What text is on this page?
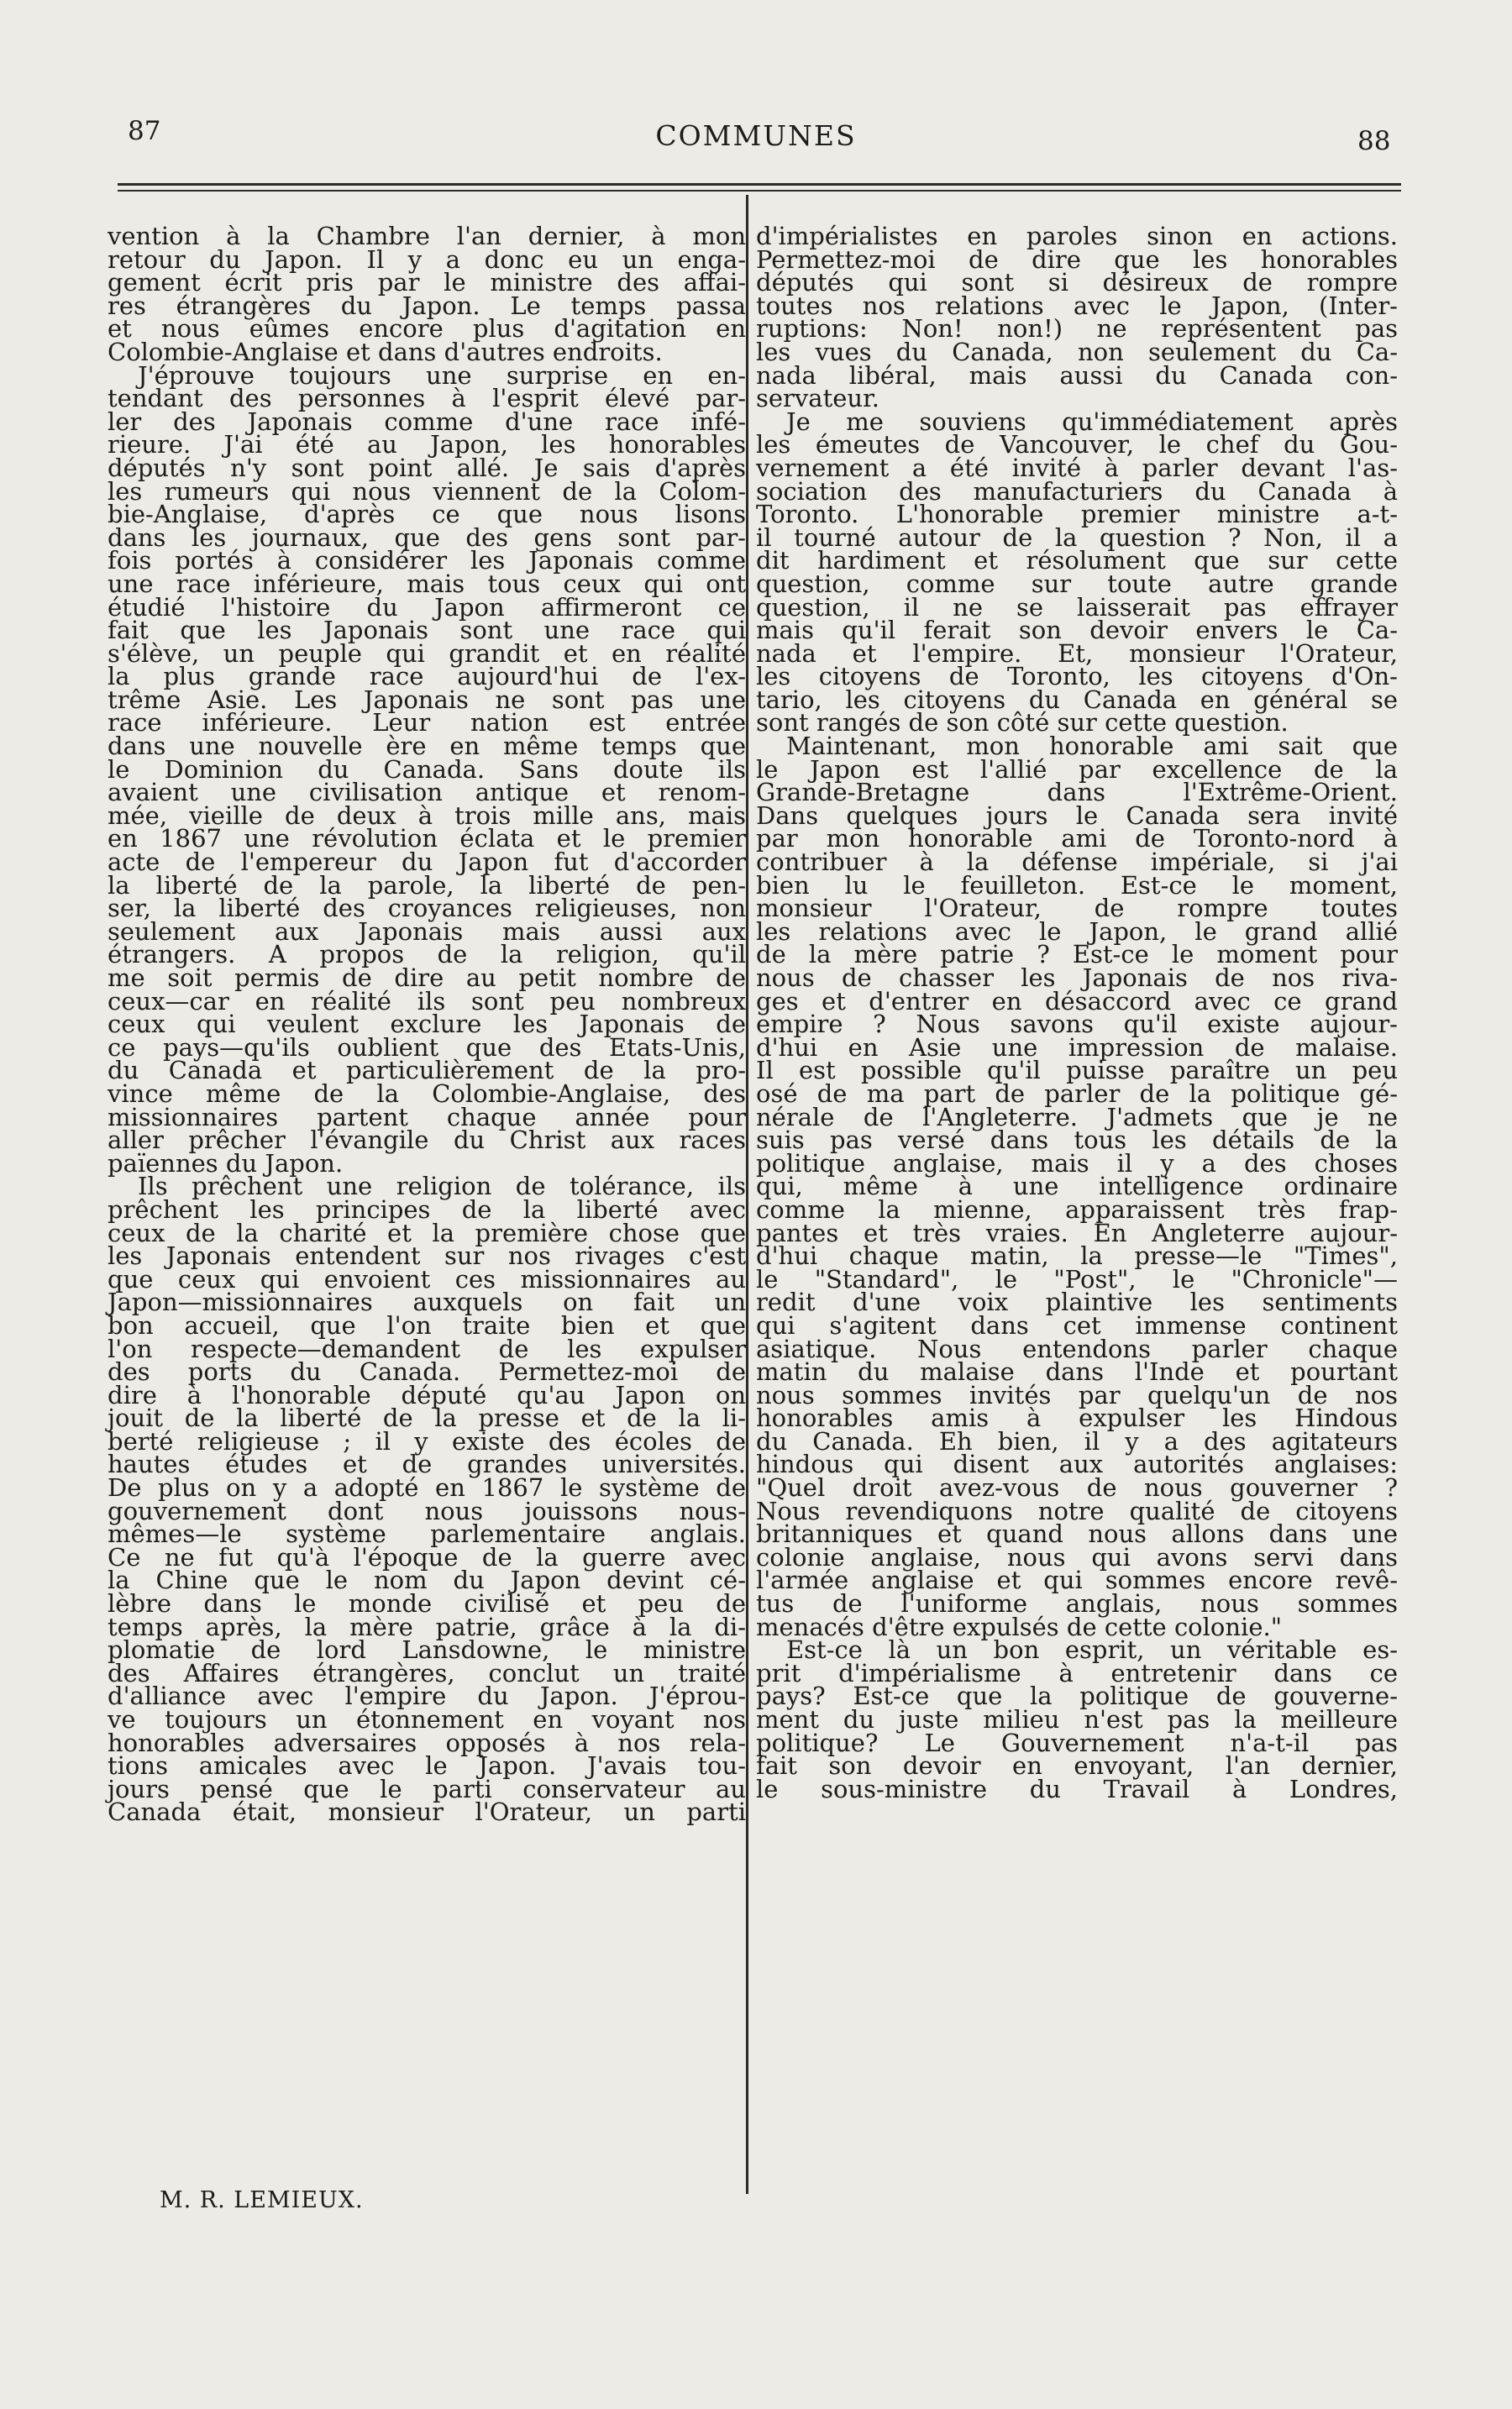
87	COMMUNES	88
vention à la Chambre l'an dernier, à mon
retour du Japon. Il y a donc eu un enga-
gement écrit pris par le ministre des affai-
res étrangères du Japon. Le temps passa
et nous eûmes encore plus d'agitation en
Colombie-Anglaise et dans d'autres endroits.
J'éprouve toujours une surprise en en-
tendant des personnes à l'esprit élevé par-
ler des Japonais comme d'une race infé-
rieure. J'ai été au Japon, les honorables
députés n'y sont point allé. Je sais d'après
les rumeurs qui nous viennent de la Colom-
bie-Anglaise, d'après ce que nous lisons
dans les journaux, que des gens sont par-
fois portés à considérer les Japonais comme
une race inférieure, mais tous ceux qui ont
étudié l'histoire du Japon affirmeront ce
fait que les Japonais sont une race qui
s'élève, un peuple qui grandit et en réalité
la plus grande race aujourd'hui de l'ex-
trême Asie. Les Japonais ne sont pas une
race inférieure. Leur nation est entrée
dans une nouvelle ère en même temps que
le Dominion du Canada. Sans doute ils
avaient une civilisation antique et renom-
mée, vieille de deux à trois mille ans, mais
en 1867 une révolution éclata et le premier
acte de l'empereur du Japon fut d'accorder
la liberté de la parole, la liberté de pen-
ser, la liberté des croyances religieuses, non
seulement aux Japonais mais aussi aux
étrangers. A propos de la religion, qu'il
me soit permis de dire au petit nombre de
ceux—car en réalité ils sont peu nombreux
ceux qui veulent exclure les Japonais de
ce pays—qu'ils oublient que des Etats-Unis,
du Canada et particulièrement de la pro-
vince même de la Colombie-Anglaise, des
missionnaires partent chaque année pour
aller prêcher l'évangile du Christ aux races
païennes du Japon.
Ils prêchent une religion de tolérance, ils
prêchent les principes de la liberté avec
ceux de la charité et la première chose que
les Japonais entendent sur nos rivages c'est
que ceux qui envoient ces missionnaires au
Japon—missionnaires auxquels on fait un
bon accueil, que l'on traite bien et que
l'on respecte—demandent de les expulser
des ports du Canada. Permettez-moi de
dire à l'honorable député qu'au Japon on
jouit de la liberté de la presse et de la li-
berté religieuse ; il y existe des écoles de
hautes études et de grandes universités.
De plus on y a adopté en 1867 le système de
gouvernement dont nous jouissons nous-
mêmes—le système parlementaire anglais.
Ce ne fut qu'à l'époque de la guerre avec
la Chine que le nom du Japon devint cé-
lèbre dans le monde civilisé et peu de
temps après, la mère patrie, grâce à la di-
plomatie de lord Lansdowne, le ministre
des Affaires étrangères, conclut un traité
d'alliance avec l'empire du Japon. J'éprou-
ve toujours un étonnement en voyant nos
honorables adversaires opposés à nos rela-
tions amicales avec le Japon. J'avais tou-
jours pensé que le parti conservateur au
Canada était, monsieur l'Orateur, un parti
d'impérialistes en paroles sinon en actions.
Permettez-moi de dire que les honorables
députés qui sont si désireux de rompre
toutes nos relations avec le Japon, (Inter-
ruptions: Non! non!) ne représentent pas
les vues du Canada, non seulement du Ca-
nada libéral, mais aussi du Canada con-
servateur.
Je me souviens qu'immédiatement après
les émeutes de Vancouver, le chef du Gou-
vernement a été invité à parler devant l'as-
sociation des manufacturiers du Canada à
Toronto. L'honorable premier ministre a-t-
il tourné autour de la question ? Non, il a
dit hardiment et résolument que sur cette
question, comme sur toute autre grande
question, il ne se laisserait pas effrayer
mais qu'il ferait son devoir envers le Ca-
nada et l'empire. Et, monsieur l'Orateur,
les citoyens de Toronto, les citoyens d'On-
tario, les citoyens du Canada en général se
sont rangés de son côté sur cette question.
Maintenant, mon honorable ami sait que
le Japon est l'allié par excellence de la
Grande-Bretagne dans l'Extrême-Orient.
Dans quelques jours le Canada sera invité
par mon honorable ami de Toronto-nord à
contribuer à la défense impériale, si j'ai
bien lu le feuilleton. Est-ce le moment,
monsieur l'Orateur, de rompre toutes
les relations avec le Japon, le grand allié
de la mère patrie ? Est-ce le moment pour
nous de chasser les Japonais de nos riva-
ges et d'entrer en désaccord avec ce grand
empire ? Nous savons qu'il existe aujour-
d'hui en Asie une impression de malaise.
Il est possible qu'il puisse paraître un peu
osé de ma part de parler de la politique gé-
nérale de l'Angleterre. J'admets que je ne
suis pas versé dans tous les détails de la
politique anglaise, mais il y a des choses
qui, même à une intelligence ordinaire
comme la mienne, apparaissent très frap-
pantes et très vraies. En Angleterre aujour-
d'hui chaque matin, la presse—le "Times",
le "Standard", le "Post", le "Chronicle"—
redit d'une voix plaintive les sentiments
qui s'agitent dans cet immense continent
asiatique. Nous entendons parler chaque
matin du malaise dans l'Inde et pourtant
nous sommes invités par quelqu'un de nos
honorables amis à expulser les Hindous
du Canada. Eh bien, il y a des agitateurs
hindous qui disent aux autorités anglaises:
"Quel droit avez-vous de nous gouverner ?
Nous revendiquons notre qualité de citoyens
britanniques et quand nous allons dans une
colonie anglaise, nous qui avons servi dans
l'armée anglaise et qui sommes encore revê-
tus de l'uniforme anglais, nous sommes
menacés d'être expulsés de cette colonie."
Est-ce là un bon esprit, un véritable es-
prit d'impérialisme à entretenir dans ce
pays? Est-ce que la politique de gouverne-
ment du juste milieu n'est pas la meilleure
politique? Le Gouvernement n'a-t-il pas
fait son devoir en envoyant, l'an dernier,
le sous-ministre du Travail à Londres,
M. R. LEMIEUX.
